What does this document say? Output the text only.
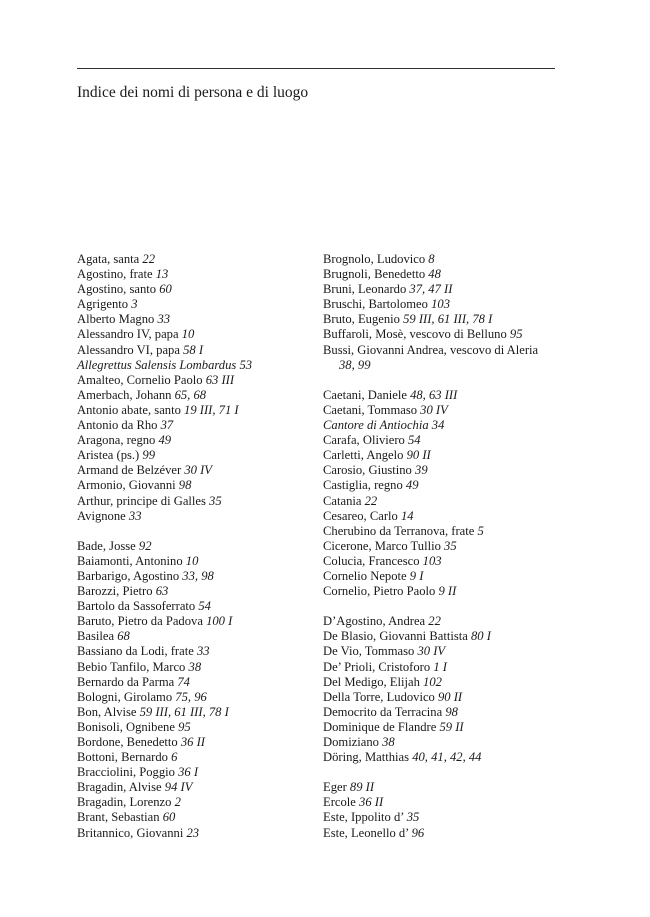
Indice dei nomi di persona e di luogo
Agata, santa 22
Agostino, frate 13
Agostino, santo 60
Agrigento 3
Alberto Magno 33
Alessandro IV, papa 10
Alessandro VI, papa 58 I
Allegrettus Salensis Lombardus 53
Amalteo, Cornelio Paolo 63 III
Amerbach, Johann 65, 68
Antonio abate, santo 19 III, 71 I
Antonio da Rho 37
Aragona, regno 49
Aristea (ps.) 99
Armand de Belzéver 30 IV
Armonio, Giovanni 98
Arthur, principe di Galles 35
Avignone 33
Bade, Josse 92
Baiamonti, Antonino 10
Barbarigo, Agostino 33, 98
Barozzi, Pietro 63
Bartolo da Sassoferrato 54
Baruto, Pietro da Padova 100 I
Basilea 68
Bassiano da Lodi, frate 33
Bebio Tanfilo, Marco 38
Bernardo da Parma 74
Bologni, Girolamo 75, 96
Bon, Alvise 59 III, 61 III, 78 I
Bonisoli, Ognibene 95
Bordone, Benedetto 36 II
Bottoni, Bernardo 6
Bracciolini, Poggio 36 I
Bragadin, Alvise 94 IV
Bragadin, Lorenzo 2
Brant, Sebastian 60
Britannico, Giovanni 23
Brognolo, Ludovico 8
Brugnoli, Benedetto 48
Bruni, Leonardo 37, 47 II
Bruschi, Bartolomeo 103
Bruto, Eugenio 59 III, 61 III, 78 I
Buffaroli, Mosè, vescovo di Belluno 95
Bussi, Giovanni Andrea, vescovo di Aleria
38, 99
Caetani, Daniele 48, 63 III
Caetani, Tommaso 30 IV
Cantore di Antiochia 34
Carafa, Oliviero 54
Carletti, Angelo 90 II
Carosio, Giustino 39
Castiglia, regno 49
Catania 22
Cesareo, Carlo 14
Cherubino da Terranova, frate 5
Cicerone, Marco Tullio 35
Colucia, Francesco 103
Cornelio Nepote 9 I
Cornelio, Pietro Paolo 9 II
D’Agostino, Andrea 22
De Blasio, Giovanni Battista 80 I
De Vio, Tommaso 30 IV
De’ Prioli, Cristoforo 1 I
Del Medigo, Elijah 102
Della Torre, Ludovico 90 II
Democrito da Terracina 98
Dominique de Flandre 59 II
Domiziano 38
Döring, Matthias 40, 41, 42, 44
Eger 89 II
Ercole 36 II
Este, Ippolito d’ 35
Este, Leonello d’ 96
